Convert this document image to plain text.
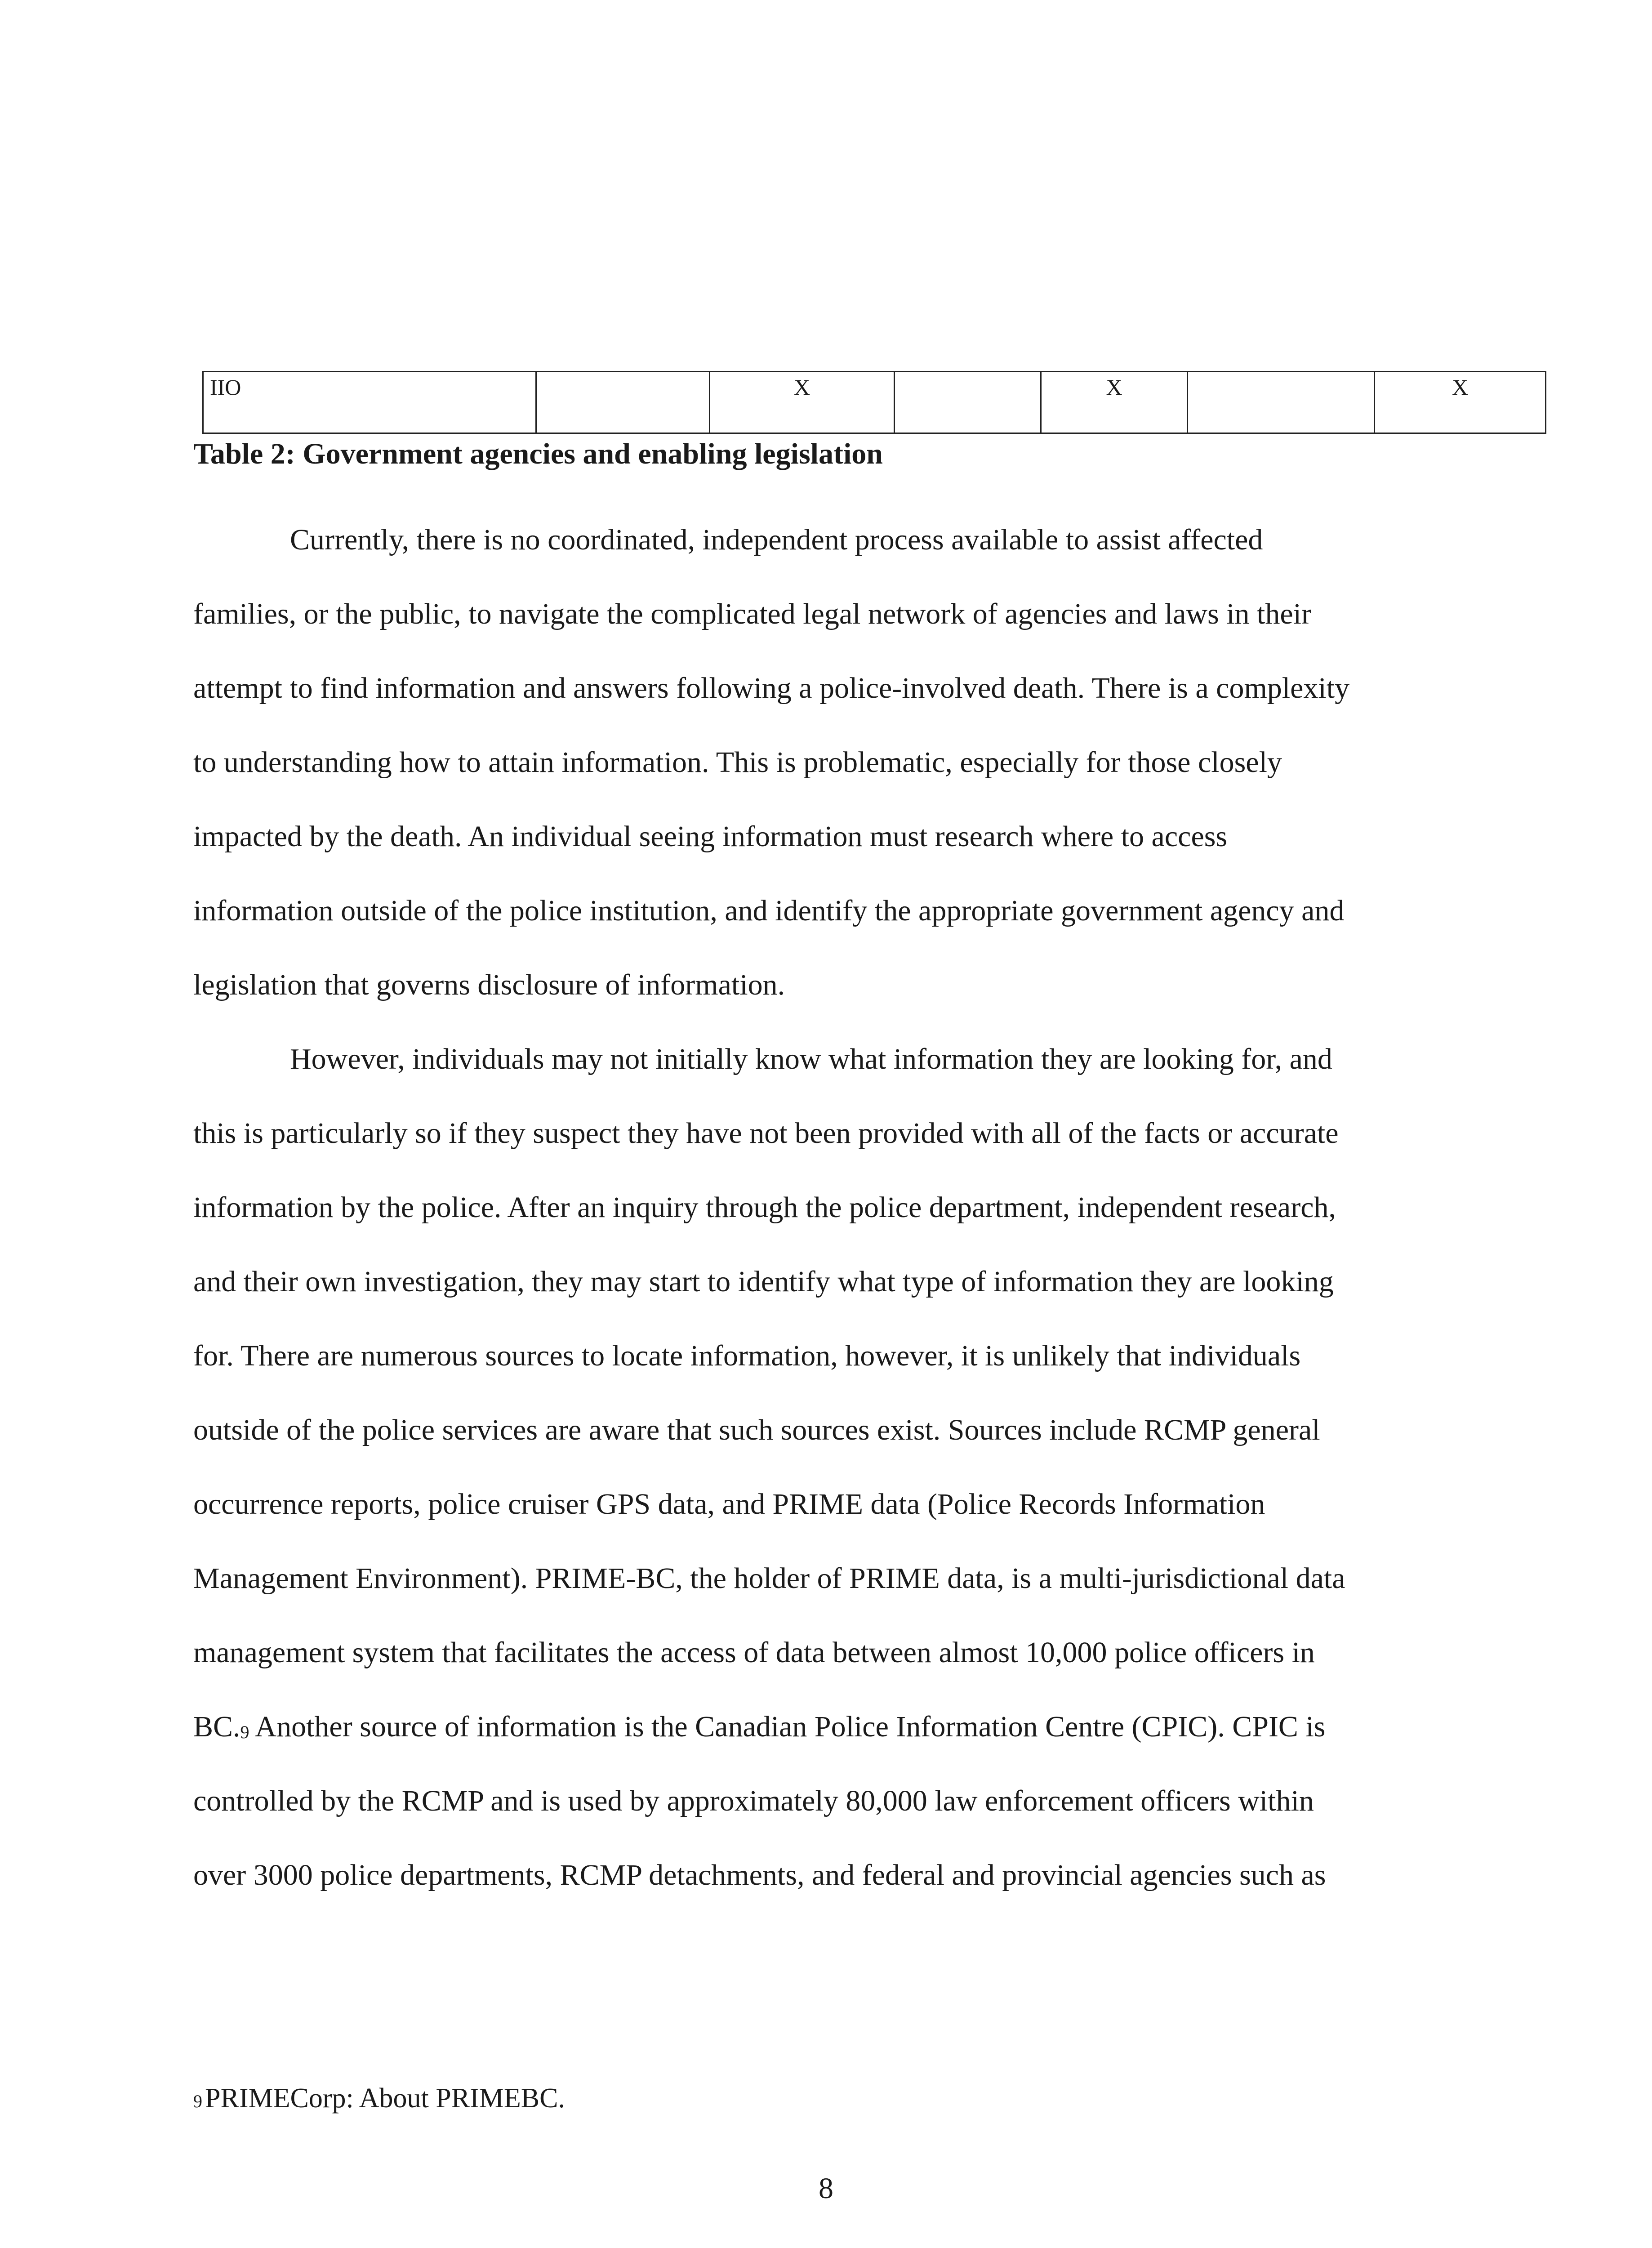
IIO		X		X		X
Table 2: Government agencies and enabling legislation
Currently, there is no coordinated, independent process available to assist affected
families, or the public, to navigate the complicated legal network of agencies and laws in their
attempt to find information and answers following a police-involved death. There is a complexity
to understanding how to attain information. This is problematic, especially for those closely
impacted by the death. An individual seeing information must research where to access
information outside of the police institution, and identify the appropriate government agency and
legislation that governs disclosure of information.
However, individuals may not initially know what information they are looking for, and
this is particularly so if they suspect they have not been provided with all of the facts or accurate
information by the police. After an inquiry through the police department, independent research,
and their own investigation, they may start to identify what type of information they are looking
for. There are numerous sources to locate information, however, it is unlikely that individuals
outside of the police services are aware that such sources exist. Sources include RCMP general
occurrence reports, police cruiser GPS data, and PRIME data (Police Records Information
Management Environment). PRIME-BC, the holder of PRIME data, is a multi-jurisdictional data
management system that facilitates the access of data between almost 10,000 police officers in
BC.9 Another source of information is the Canadian Police Information Centre (CPIC). CPIC is
controlled by the RCMP and is used by approximately 80,000 law enforcement officers within
over 3000 police departments, RCMP detachments, and federal and provincial agencies such as
9PRIMECorp: About PRIMEBC.
8
